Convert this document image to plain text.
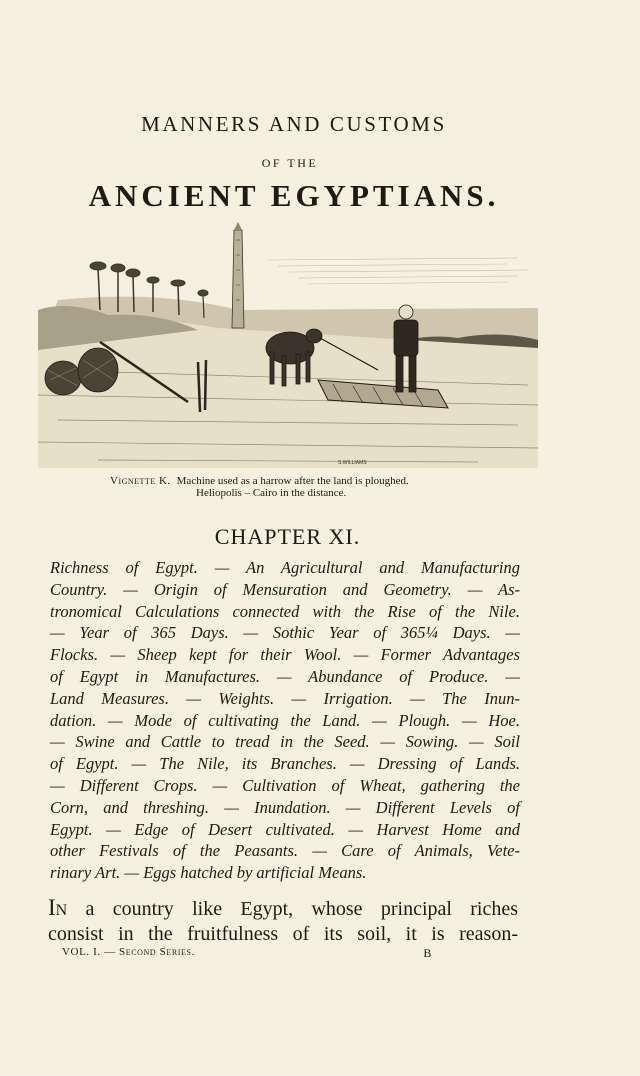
MANNERS AND CUSTOMS
OF THE
ANCIENT EGYPTIANS.
S.WILLIAMS
Vignette K. Machine used as a harrow after the land is ploughed.
Heliopolis – Cairo in the distance.
CHAPTER XI.
Richness of Egypt. — An Agricultural and Manufacturing
Country. — Origin of Mensuration and Geometry. — As-
tronomical Calculations connected with the Rise of the Nile.
— Year of 365 Days. — Sothic Year of 365¼ Days. —
Flocks. — Sheep kept for their Wool. — Former Advantages
of Egypt in Manufactures. — Abundance of Produce. —
Land Measures. — Weights. — Irrigation. — The Inun-
dation. — Mode of cultivating the Land. — Plough. — Hoe.
— Swine and Cattle to tread in the Seed. — Sowing. — Soil
of Egypt. — The Nile, its Branches. — Dressing of Lands.
— Different Crops. — Cultivation of Wheat, gathering the
Corn, and threshing. — Inundation. — Different Levels of
Egypt. — Edge of Desert cultivated. — Harvest Home and
other Festivals of the Peasants. — Care of Animals, Vete-
rinary Art. — Eggs hatched by artificial Means.
In a country like Egypt, whose principal riches
consist in the fruitfulness of its soil, it is reason-
VOL. I. — Second Series.	B
